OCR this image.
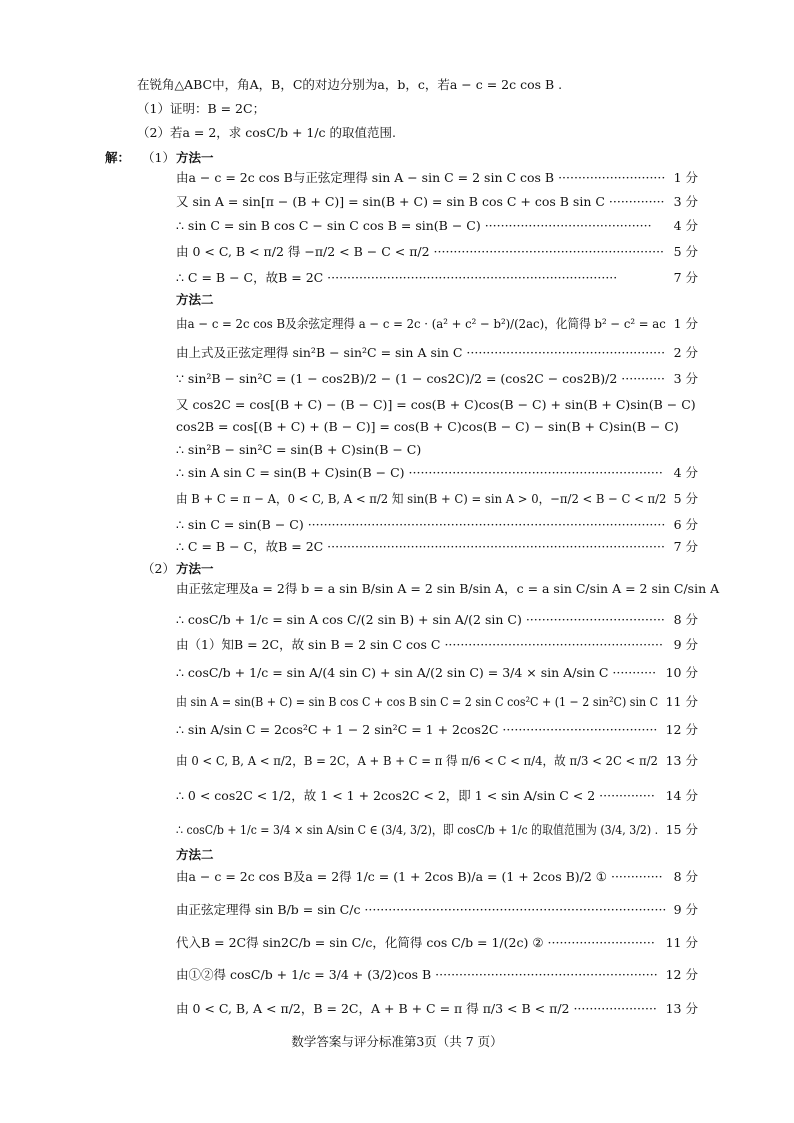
在锐角△ABC中，角A，B，C的对边分别为a，b，c，若a − c = 2c cos B .
（1）证明：B = 2C；
（2）若a = 2，求 cosC/b + 1/c 的取值范围.
解： （1） 方法一
由a − c = 2c cos B与正弦定理得 sin A − sin C = 2 sin C cos B ··························· 1 分
又 sin A = sin[π − (B + C)] = sin(B + C) = sin B cos C + cos B sin C ·············· 3 分
∴ sin C = sin B cos C − sin C cos B = sin(B − C) ·········································· 4 分
由 0 < C, B < π/2 得 −π/2 < B − C < π/2 ·························································· 5 分
∴ C = B − C，故B = 2C ·········································································	7 分
方法二
由a − c = 2c cos B及余弦定理得 a − c = 2c · (a² + c² − b²)/(2ac)，化简得 b² − c² = ac 1 分
由上式及正弦定理得 sin²B − sin²C = sin A sin C ·················································· 2 分
∵ sin²B − sin²C = (1 − cos2B)/2 − (1 − cos2C)/2 = (cos2C − cos2B)/2 ··········· 3 分
又 cos2C = cos[(B + C) − (B − C)] = cos(B + C)cos(B − C) + sin(B + C)sin(B − C)
cos2B = cos[(B + C) + (B − C)] = cos(B + C)cos(B − C) − sin(B + C)sin(B − C)
∴ sin²B − sin²C = sin(B + C)sin(B − C)
∴ sin A sin C = sin(B + C)sin(B − C) ································································ 4 分
由 B + C = π − A，0 < C, B, A < π/2 知 sin(B + C) = sin A > 0，−π/2 < B − C < π/2 5 分
∴ sin C = sin(B − C) ·························································································· 6 分
∴ C = B − C，故B = 2C ····················································································· 7 分
（2） 方法一
由正弦定理及a = 2得 b = a sin B/sin A = 2 sin B/sin A，c = a sin C/sin A = 2 sin C/sin A
∴ cosC/b + 1/c = sin A cos C/(2 sin B) + sin A/(2 sin C) ··································· 8 分
由（1）知B = 2C，故 sin B = 2 sin C cos C ······················································· 9 分
∴ cosC/b + 1/c = sin A/(4 sin C) + sin A/(2 sin C) = 3/4 × sin A/sin C ··········· 10 分
由 sin A = sin(B + C) = sin B cos C + cos B sin C = 2 sin C cos²C + (1 − 2 sin²C) sin C 11 分
∴ sin A/sin C = 2cos²C + 1 − 2 sin²C = 1 + 2cos2C ······································· 12 分
由 0 < C, B, A < π/2，B = 2C，A + B + C = π 得 π/6 < C < π/4，故 π/3 < 2C < π/2 13 分
∴ 0 < cos2C < 1/2，故 1 < 1 + 2cos2C < 2，即 1 < sin A/sin C < 2 ·············· 14 分
∴ cosC/b + 1/c = 3/4 × sin A/sin C ∈ (3/4, 3/2)，即 cosC/b + 1/c 的取值范围为 (3/4, 3/2) . 15 分
方法二
由a − c = 2c cos B及a = 2得 1/c = (1 + 2cos B)/a = (1 + 2cos B)/2 ① ············· 8 分
由正弦定理得 sin B/b = sin C/c ············································································ 9 分
代入B = 2C得 sin2C/b = sin C/c，化简得 cos C/b = 1/(2c) ② ··························· 11 分
由①②得 cosC/b + 1/c = 3/4 + (3/2)cos B ························································ 12 分
由 0 < C, B, A < π/2，B = 2C，A + B + C = π 得 π/3 < B < π/2 ····················· 13 分
数学答案与评分标准第3页（共 7 页）
